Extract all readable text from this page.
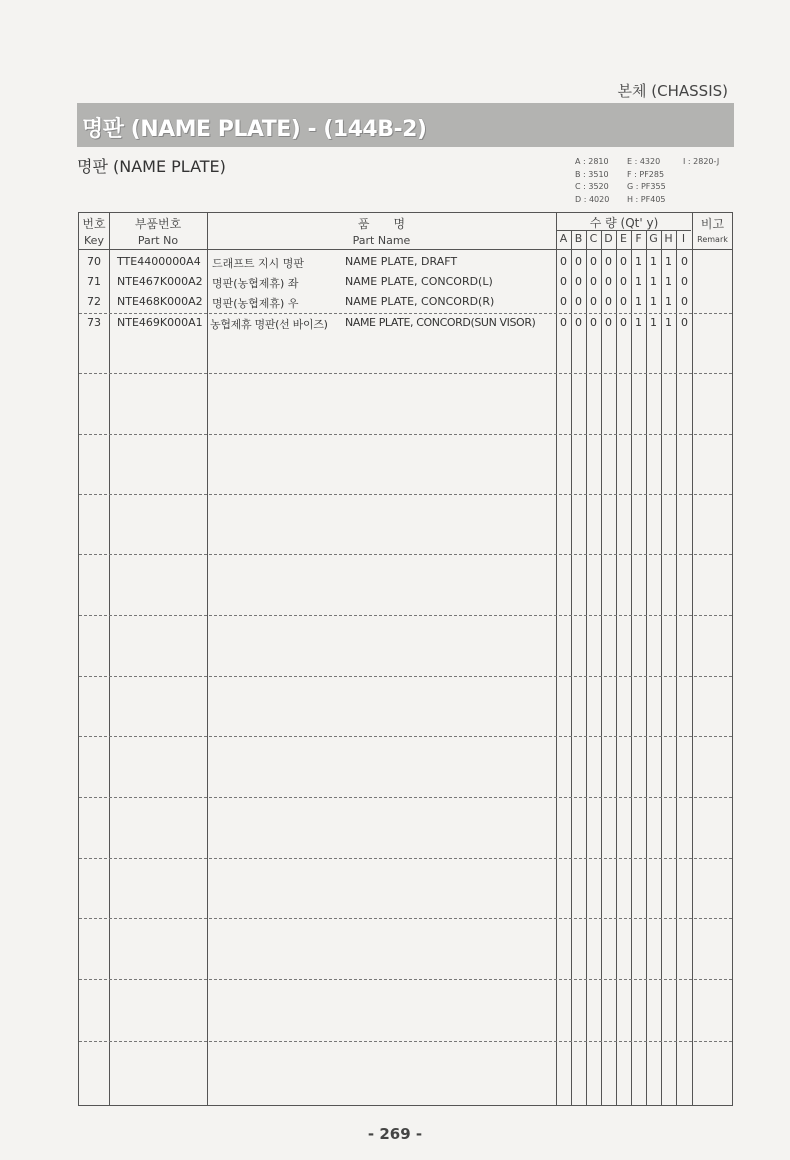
본체 (CHASSIS)
명판 (NAME PLATE) - (144B-2)
명판 (NAME PLATE)	A : 2810
B : 3510
C : 3520
D : 4020
E : 4320
F : PF285
G : PF355
H : PF405
I : 2820-J
번호
Key
부품번호
Part No
품　　명
Part Name
수 량 (Qt' y)	비고
Remark
A B C D E F G H I
70	TTE4400000A4 드래프트 지시 명판	NAME PLATE, DRAFT	0 0 0 0 0 1 1 1 0
71	NTE467K000A2 명판(농협제휴) 좌	NAME PLATE, CONCORD(L)	0 0 0 0 0 1 1 1 0
72	NTE468K000A2 명판(농협제휴) 우	NAME PLATE, CONCORD(R)	0 0 0 0 0 1 1 1 0
73	NTE469K000A1 농협제휴 명판(선 바이즈) NAME PLATE, CONCORD(SUN VISOR)	0 0 0 0 0 1 1 1 0
- 269 -
